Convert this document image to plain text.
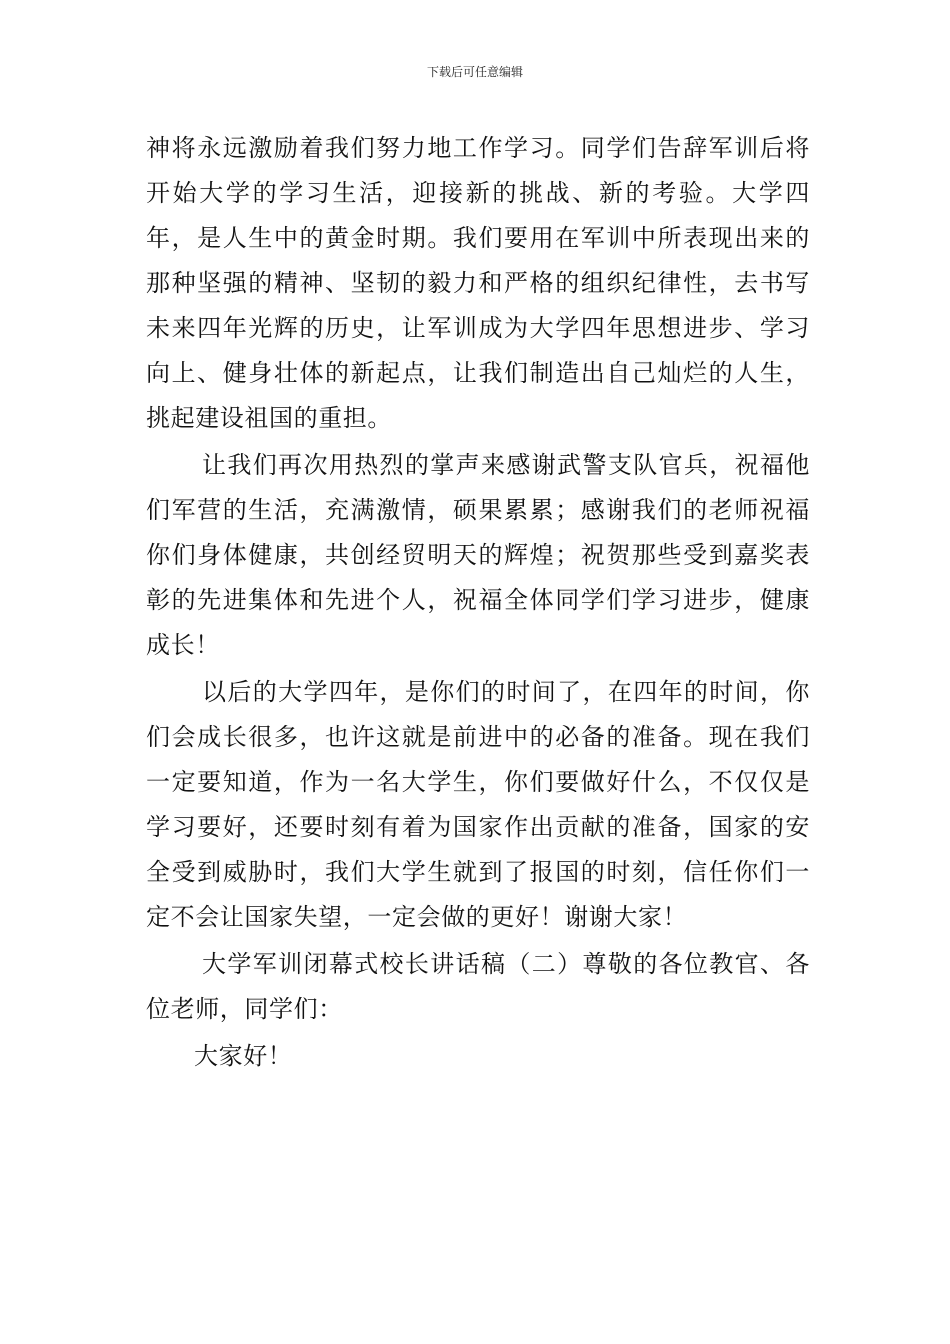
下载后可任意编辑

神将永远激励着我们努力地工作学习。同学们告辞军训后将开始大学的学习生活，迎接新的挑战、新的考验。大学四年，是人生中的黄金时期。我们要用在军训中所表现出来的那种坚强的精神、坚韧的毅力和严格的组织纪律性，去书写未来四年光辉的历史，让军训成为大学四年思想进步、学习向上、健身壮体的新起点，让我们制造出自己灿烂的人生，挑起建设祖国的重担。

让我们再次用热烈的掌声来感谢武警支队官兵，祝福他们军营的生活，充满激情，硕果累累；感谢我们的老师祝福你们身体健康，共创经贸明天的辉煌；祝贺那些受到嘉奖表彰的先进集体和先进个人，祝福全体同学们学习进步，健康成长！

以后的大学四年，是你们的时间了，在四年的时间，你们会成长很多，也许这就是前进中的必备的准备。现在我们一定要知道，作为一名大学生，你们要做好什么，不仅仅是学习要好，还要时刻有着为国家作出贡献的准备，国家的安全受到威胁时，我们大学生就到了报国的时刻，信任你们一定不会让国家失望，一定会做的更好！谢谢大家！

大学军训闭幕式校长讲话稿（二）尊敬的各位教官、各位老师，同学们：

大家好！
